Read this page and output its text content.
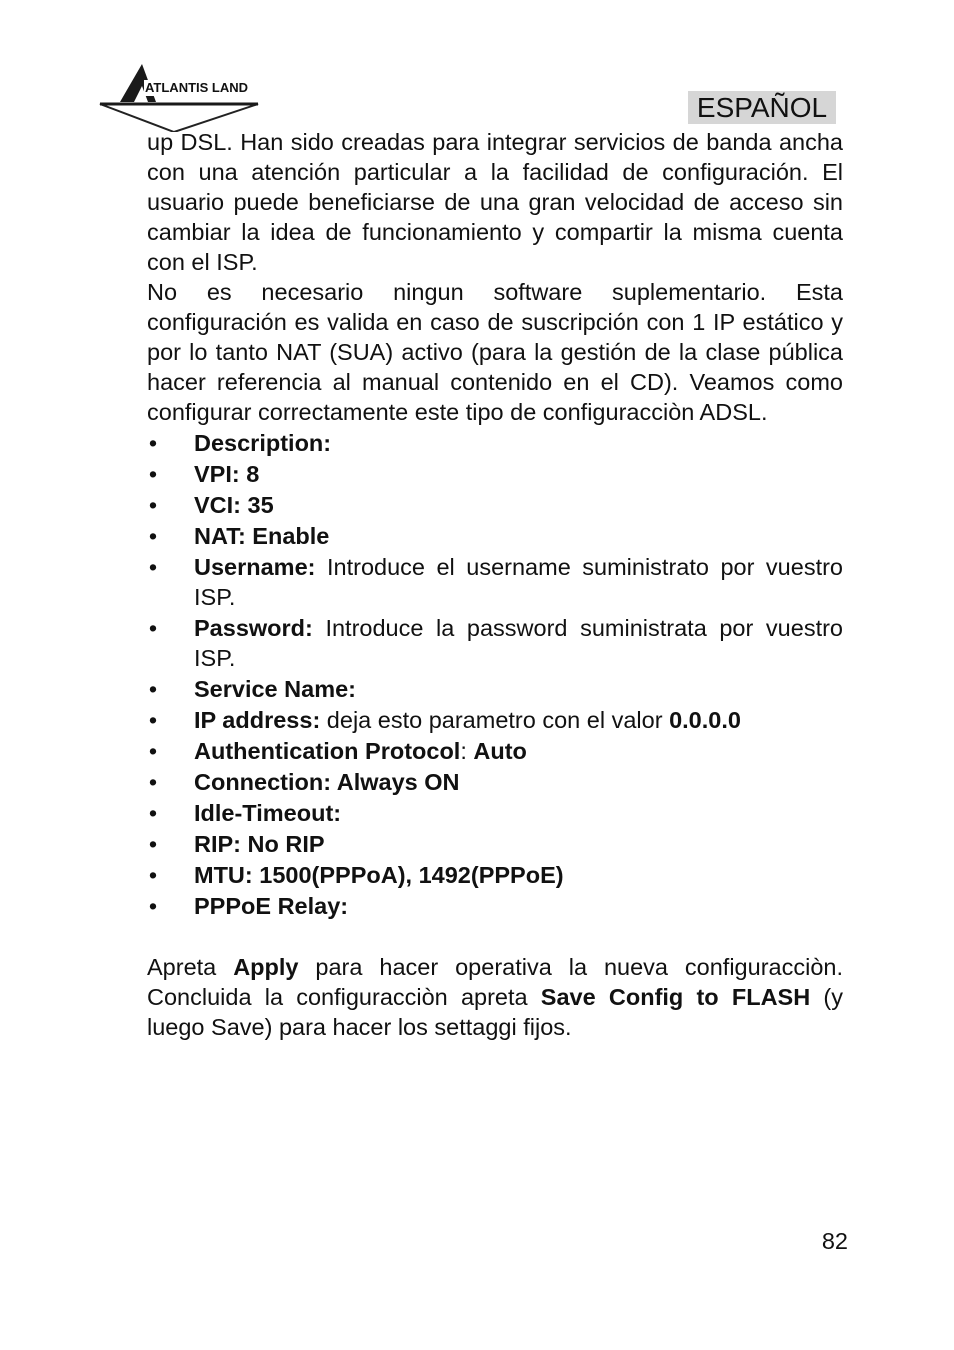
ATLANTIS LAND
ESPAÑOL

up DSL. Han sido creadas para integrar servicios de banda ancha con una atención particular a la facilidad de configuración. El usuario puede beneficiarse de una gran velocidad de acceso sin cambiar la idea de funcionamiento y compartir la misma cuenta con el ISP.

No es necesario ningun software suplementario. Esta configuración es valida en caso de suscripción con 1 IP estático y por lo tanto NAT (SUA) activo (para la gestión de la clase pública hacer referencia al manual contenido en el CD). Veamos como configurar correctamente este tipo de configuracciòn ADSL.

• Description:
• VPI: 8
• VCI: 35
• NAT: Enable
• Username: Introduce el username suministrato por vuestro ISP.
• Password: Introduce la password suministrata por vuestro ISP.
• Service Name:
• IP address: deja esto parametro con el valor 0.0.0.0
• Authentication Protocol: Auto
• Connection: Always ON
• Idle-Timeout:
• RIP: No RIP
• MTU: 1500(PPPoA), 1492(PPPoE)
• PPPoE Relay:

Apreta Apply para hacer operativa la nueva configuracciòn. Concluida la configuracciòn apreta Save Config to FLASH (y luego Save) para hacer los settaggi fijos.

82
